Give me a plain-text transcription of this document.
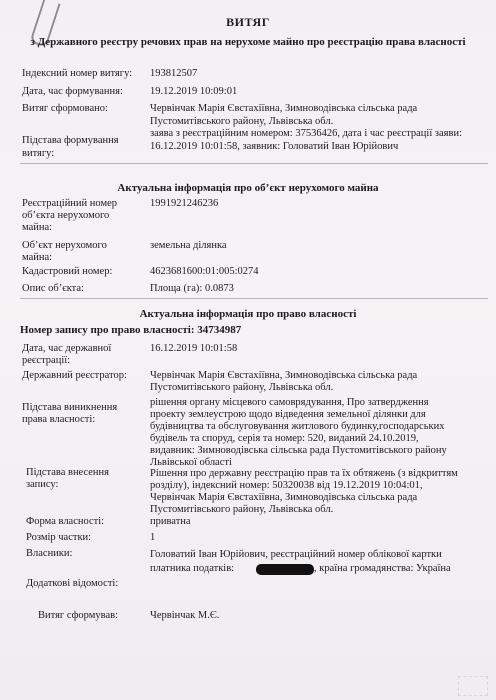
ВИТЯГ
з Державного реєстру речових прав на нерухоме майно про реєстрацію права власності
Індексний номер витягу:	193812507
Дата, час формування:	19.12.2019 10:09:01
Витяг сформовано:	Червінчак Марія Євстахіївна, Зимноводівська сільська рада
Пустомитівського району, Львівська обл.
Підстава формування
витягу:
заява з реєстраційним номером: 37536426, дата і час реєстрації заяви:
16.12.2019 10:01:58, заявник: Головатий Іван Юрійович
Актуальна інформація про об’єкт нерухомого майна
Реєстраційний номер
об’єкта нерухомого
майна:
1991921246236
Об’єкт нерухомого
майна:
земельна ділянка
Кадастровий номер:	4623681600:01:005:0274
Опис об’єкта:	Площа (га): 0.0873
Актуальна інформація про право власності
Номер запису про право власності: 34734987
Дата, час державної
реєстрації:
16.12.2019 10:01:58
Державний реєстратор:	Червінчак Марія Євстахіївна, Зимноводівська сільська рада
Пустомитівського району, Львівська обл.
Підстава виникнення
права власності:
рішення органу місцевого самоврядування, Про затвердження
проекту землеустрою щодо відведення земельної ділянки для
будівництва та обслуговування житлового будинку,господарських
будівель та споруд, серія та номер: 520, виданий 24.10.2019,
видавник: Зимноводівська сільська рада Пустомитівського району
Львівської області
Підстава внесення
запису:
Рішення про державну реєстрацію прав та їх обтяжень (з відкриттям
розділу), індексний номер: 50320038 від 19.12.2019 10:04:01,
Червінчак Марія Євстахіївна, Зимноводівська сільська рада
Пустомитівського району, Львівська обл.
Форма власності:	приватна
Розмір частки:	1
Власники:	Головатий Іван Юрійович, реєстраційний номер облікової картки
платника податків:	, країна громадянства: Україна
Додаткові відомості:
Витяг сформував:	Червінчак М.Є.
